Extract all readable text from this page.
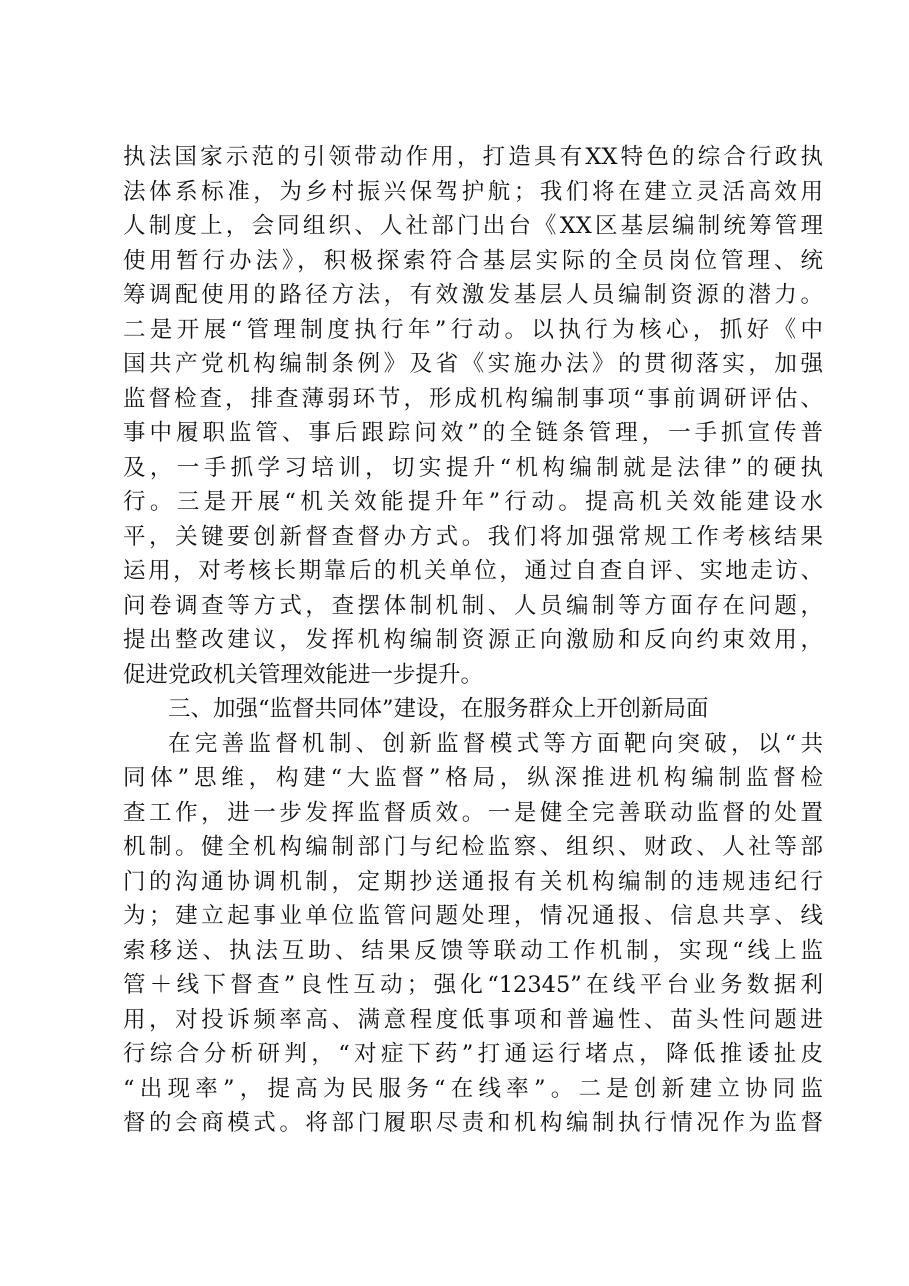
执法国家示范的引领带动作用，打造具有XX特色的综合行政执
法体系标准，为乡村振兴保驾护航；我们将在建立灵活高效用
人制度上，会同组织、人社部门出台《XX区基层编制统筹管理
使用暂行办法》，积极探索符合基层实际的全员岗位管理、统
筹调配使用的路径方法，有效激发基层人员编制资源的潜力。
二是开展“管理制度执行年”行动。以执行为核心，抓好《中
国共产党机构编制条例》及省《实施办法》的贯彻落实，加强
监督检查，排查薄弱环节，形成机构编制事项“事前调研评估、
事中履职监管、事后跟踪问效”的全链条管理，一手抓宣传普
及，一手抓学习培训，切实提升“机构编制就是法律”的硬执
行。三是开展“机关效能提升年”行动。提高机关效能建设水
平，关键要创新督查督办方式。我们将加强常规工作考核结果
运用，对考核长期靠后的机关单位，通过自查自评、实地走访、
问卷调查等方式，查摆体制机制、人员编制等方面存在问题，
提出整改建议，发挥机构编制资源正向激励和反向约束效用，
促进党政机关管理效能进一步提升。
三、加强“监督共同体”建设，在服务群众上开创新局面
在完善监督机制、创新监督模式等方面靶向突破，以“共
同体”思维，构建“大监督”格局，纵深推进机构编制监督检
查工作，进一步发挥监督质效。一是健全完善联动监督的处置
机制。健全机构编制部门与纪检监察、组织、财政、人社等部
门的沟通协调机制，定期抄送通报有关机构编制的违规违纪行
为；建立起事业单位监管问题处理，情况通报、信息共享、线
索移送、执法互助、结果反馈等联动工作机制，实现“线上监
管＋线下督查”良性互动；强化“12345”在线平台业务数据利
用，对投诉频率高、满意程度低事项和普遍性、苗头性问题进
行综合分析研判，“对症下药”打通运行堵点，降低推诿扯皮
“出现率”，提高为民服务“在线率”。二是创新建立协同监
督的会商模式。将部门履职尽责和机构编制执行情况作为监督
